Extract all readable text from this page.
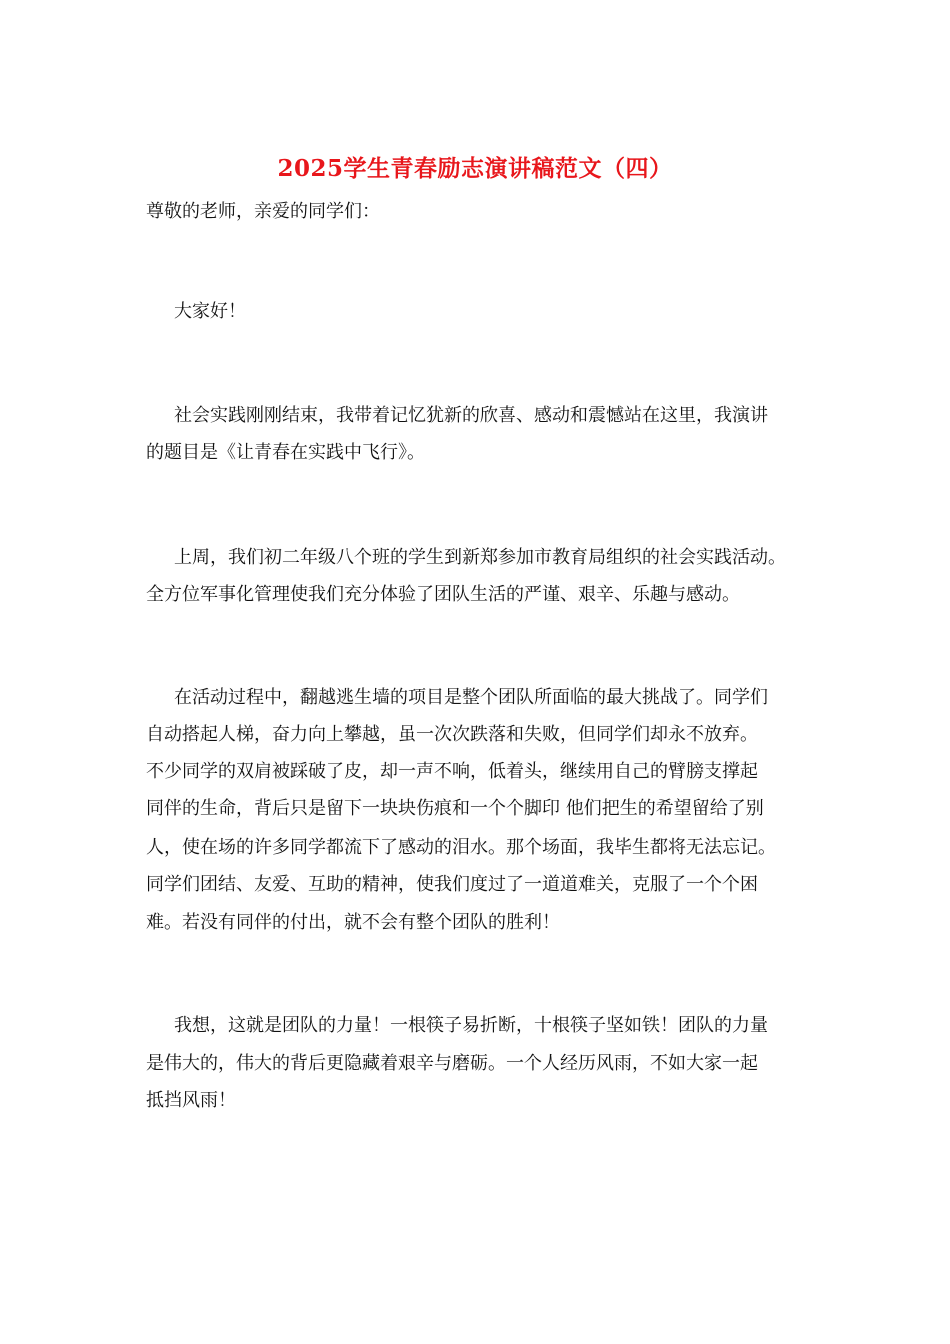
2025学生青春励志演讲稿范文（四）
尊敬的老师，亲爱的同学们：
大家好！
社会实践刚刚结束，我带着记忆犹新的欣喜、感动和震憾站在这里，我演讲
的题目是《让青春在实践中飞行》。
上周，我们初二年级八个班的学生到新郑参加市教育局组织的社会实践活动。
全方位军事化管理使我们充分体验了团队生活的严谨、艰辛、乐趣与感动。
在活动过程中，翻越逃生墙的项目是整个团队所面临的最大挑战了。同学们
自动搭起人梯，奋力向上攀越，虽一次次跌落和失败，但同学们却永不放弃。
不少同学的双肩被踩破了皮，却一声不响，低着头，继续用自己的臂膀支撑起
同伴的生命，背后只是留下一块块伤痕和一个个脚印 他们把生的希望留给了别
人，使在场的许多同学都流下了感动的泪水。那个场面，我毕生都将无法忘记。
同学们团结、友爱、互助的精神，使我们度过了一道道难关，克服了一个个困
难。若没有同伴的付出，就不会有整个团队的胜利！
我想，这就是团队的力量！一根筷子易折断，十根筷子坚如铁！团队的力量
是伟大的，伟大的背后更隐藏着艰辛与磨砺。一个人经历风雨，不如大家一起
抵挡风雨！
